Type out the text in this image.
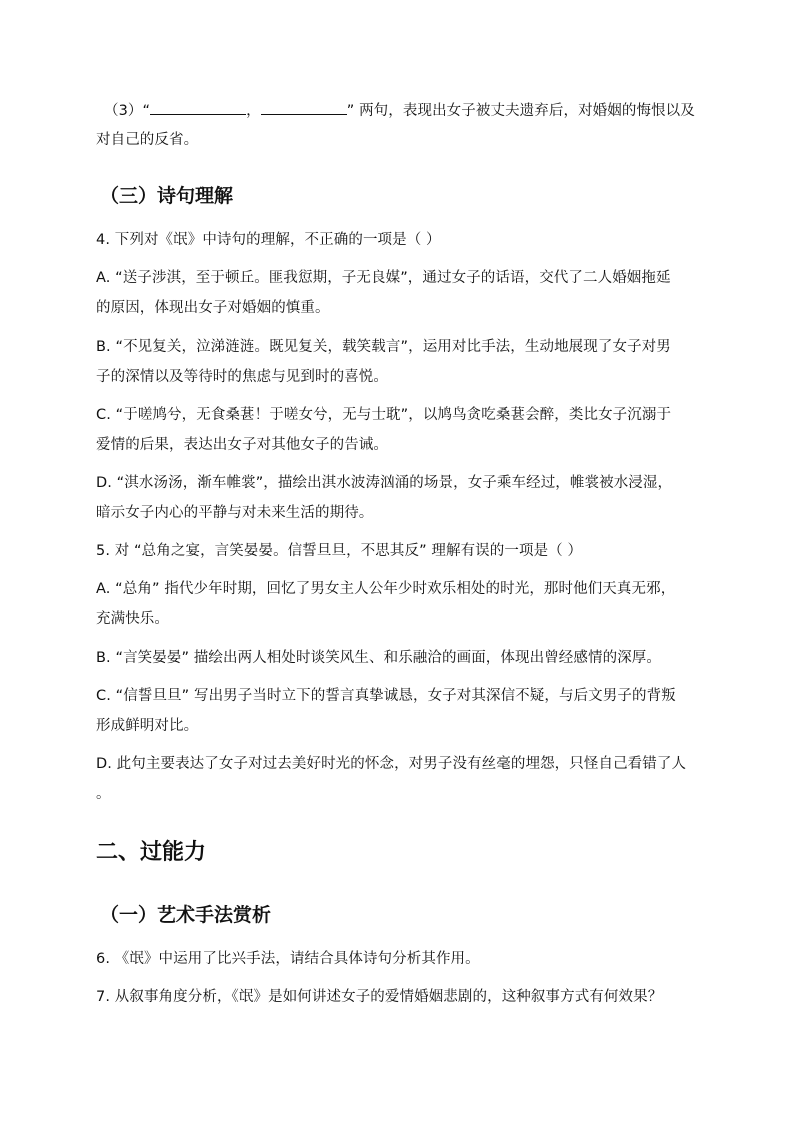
（3）“	，	” 两句，表现出女子被丈夫遗弃后，对婚姻的悔恨以及
对自己的反省。
（三）诗句理解
4. 下列对《氓》中诗句的理解，不正确的一项是（ ）
A. “送子涉淇，至于顿丘。匪我愆期，子无良媒”，通过女子的话语，交代了二人婚姻拖延
的原因，体现出女子对婚姻的慎重。
B. “不见复关，泣涕涟涟。既见复关，载笑载言”，运用对比手法，生动地展现了女子对男
子的深情以及等待时的焦虑与见到时的喜悦。
C. “于嗟鸠兮，无食桑葚！于嗟女兮，无与士耽”，以鸠鸟贪吃桑葚会醉，类比女子沉溺于
爱情的后果，表达出女子对其他女子的告诫。
D. “淇水汤汤，渐车帷裳”，描绘出淇水波涛汹涌的场景，女子乘车经过，帷裳被水浸湿，
暗示女子内心的平静与对未来生活的期待。
5. 对 “总角之宴，言笑晏晏。信誓旦旦，不思其反” 理解有误的一项是（ ）
A. “总角” 指代少年时期，回忆了男女主人公年少时欢乐相处的时光，那时他们天真无邪，
充满快乐。
B. “言笑晏晏” 描绘出两人相处时谈笑风生、和乐融洽的画面，体现出曾经感情的深厚。
C. “信誓旦旦” 写出男子当时立下的誓言真挚诚恳，女子对其深信不疑，与后文男子的背叛
形成鲜明对比。
D. 此句主要表达了女子对过去美好时光的怀念，对男子没有丝毫的埋怨，只怪自己看错了人
。
二、过能力
（一）艺术手法赏析
6. 《氓》中运用了比兴手法，请结合具体诗句分析其作用。
7. 从叙事角度分析，《氓》是如何讲述女子的爱情婚姻悲剧的，这种叙事方式有何效果？
